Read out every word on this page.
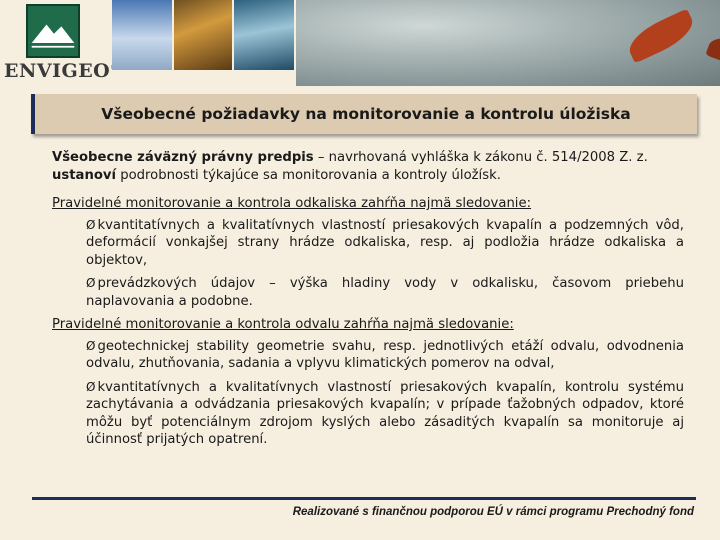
ENVIGEO
Všeobecné požiadavky na monitorovanie a kontrolu úložiska

Všeobecne záväzný právny predpis – navrhovaná vyhláška k zákonu č. 514/2008 Z. z. ustanoví podrobnosti týkajúce sa monitorovania a kontroly úložísk.

Pravidelné monitorovanie a kontrola odkaliska zahŕňa najmä sledovanie:

Ø kvantitatívnych a kvalitatívnych vlastností priesakových kvapalín a podzemných vôd, deformácií vonkajšej strany hrádze odkaliska, resp. aj podložia hrádze odkaliska a objektov,

Ø prevádzkových údajov – výška hladiny vody v odkalisku, časovom priebehu naplavovania a podobne.

Pravidelné monitorovanie a kontrola odvalu zahŕňa najmä sledovanie:

Ø geotechnickej stability geometrie svahu, resp. jednotlivých etáží odvalu, odvodnenia odvalu, zhutňovania, sadania a vplyvu klimatických pomerov na odval,

Ø kvantitatívnych a kvalitatívnych vlastností priesakových kvapalín, kontrolu systému zachytávania a odvádzania priesakových kvapalín; v prípade ťažobných odpadov, ktoré môžu byť potenciálnym zdrojom kyslých alebo zásaditých kvapalín sa monitoruje aj účinnosť prijatých opatrení.

Realizované s finančnou podporou EÚ v rámci programu Prechodný fond
